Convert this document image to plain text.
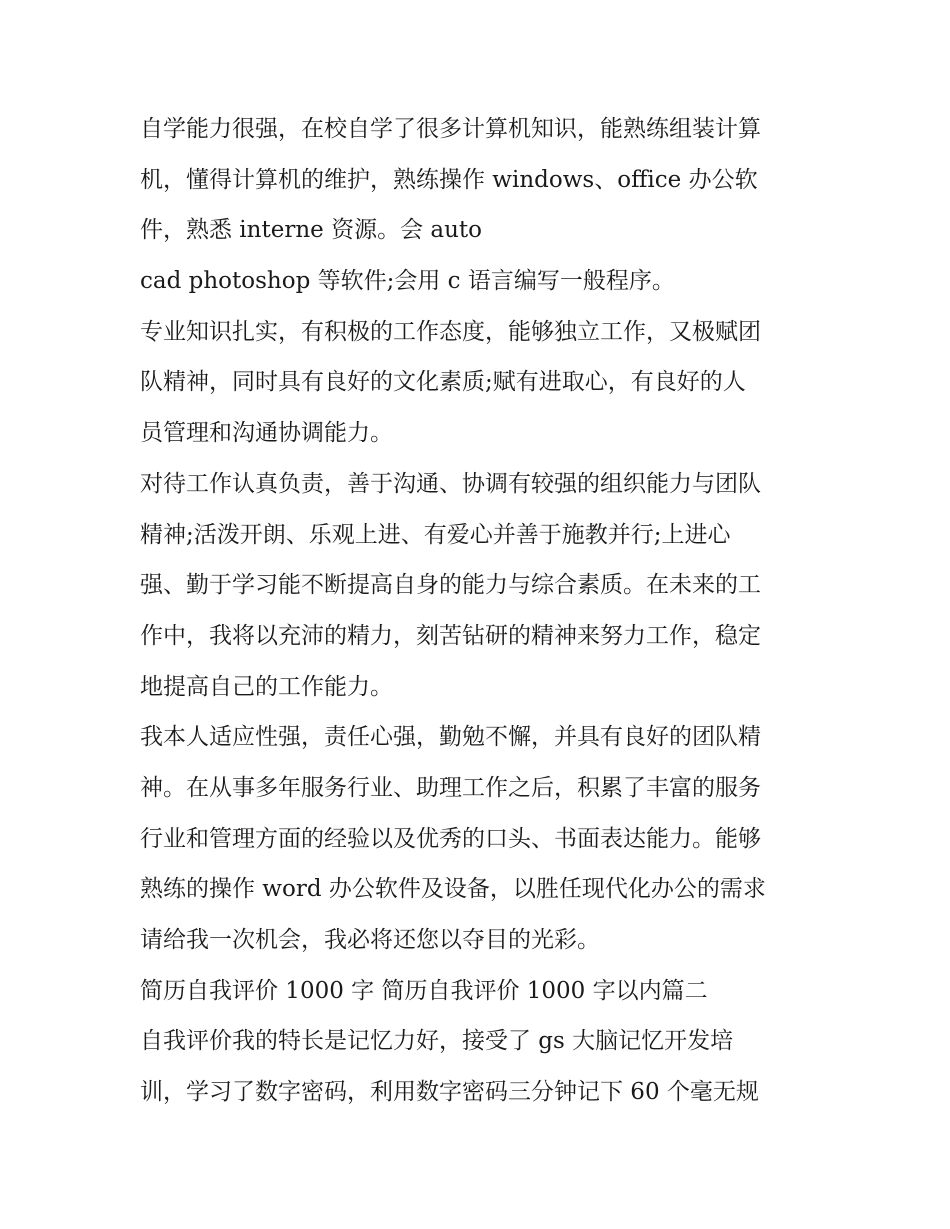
自学能力很强，在校自学了很多计算机知识，能熟练组装计算
机，懂得计算机的维护，熟练操作 windows、office 办公软
件，熟悉 interne 资源。会 auto
cad photoshop 等软件;会用 c 语言编写一般程序。
专业知识扎实，有积极的工作态度，能够独立工作，又极赋团
队精神，同时具有良好的文化素质;赋有进取心，有良好的人
员管理和沟通协调能力。
对待工作认真负责，善于沟通、协调有较强的组织能力与团队
精神;活泼开朗、乐观上进、有爱心并善于施教并行;上进心
强、勤于学习能不断提高自身的能力与综合素质。在未来的工
作中，我将以充沛的精力，刻苦钻研的精神来努力工作，稳定
地提高自己的工作能力。
我本人适应性强，责任心强，勤勉不懈，并具有良好的团队精
神。在从事多年服务行业、助理工作之后，积累了丰富的服务
行业和管理方面的经验以及优秀的口头、书面表达能力。能够
熟练的操作 word 办公软件及设备，以胜任现代化办公的需求
请给我一次机会，我必将还您以夺目的光彩。
简历自我评价 1000 字 简历自我评价 1000 字以内篇二
自我评价我的特长是记忆力好，接受了 gs 大脑记忆开发培
训，学习了数字密码，利用数字密码三分钟记下 60 个毫无规
